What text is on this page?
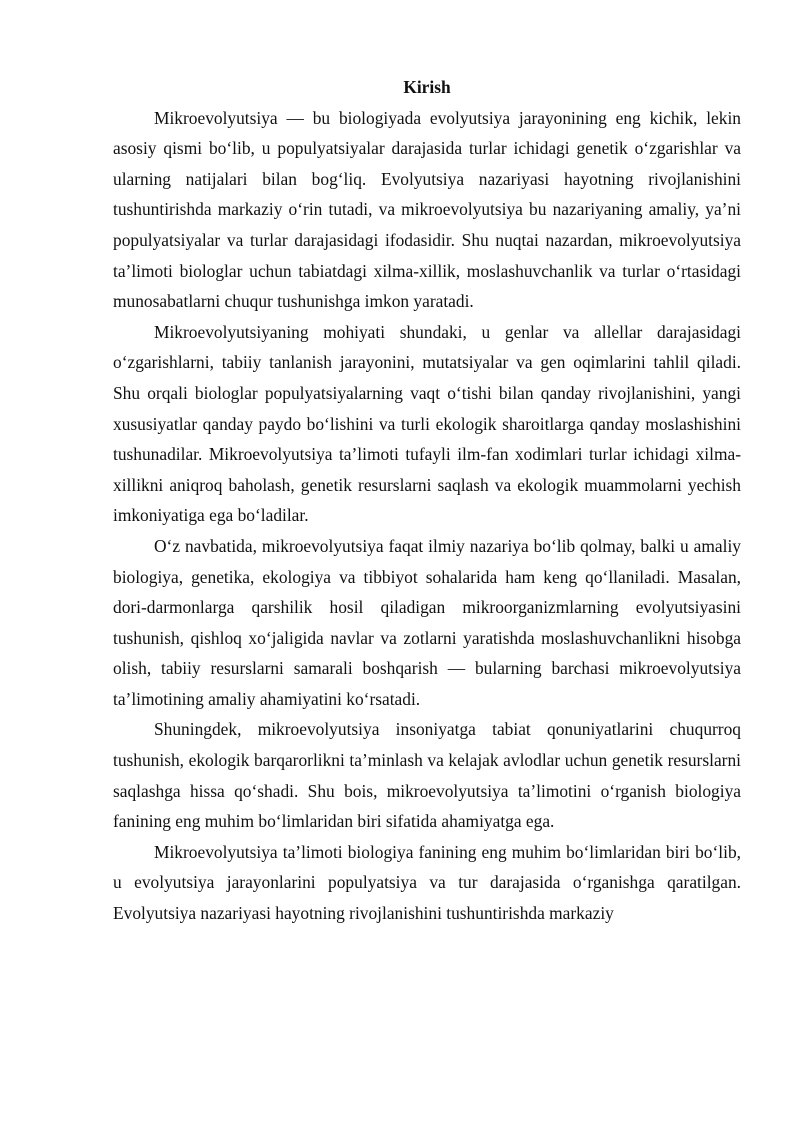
Kirish

Mikroevolyutsiya — bu biologiyada evolyutsiya jarayonining eng kichik, lekin asosiy qismi bo‘lib, u populyatsiyalar darajasida turlar ichidagi genetik o‘zgarishlar va ularning natijalari bilan bog‘liq. Evolyutsiya nazariyasi hayotning rivojlanishini tushuntirishda markaziy o‘rin tutadi, va mikroevolyutsiya bu nazariyaning amaliy, ya’ni populyatsiyalar va turlar darajasidagi ifodasidir. Shu nuqtai nazardan, mikroevolyutsiya ta’limoti biologlar uchun tabiatdagi xilma-xillik, moslashuvchanlik va turlar o‘rtasidagi munosabatlarni chuqur tushunishga imkon yaratadi.

Mikroevolyutsiyaning mohiyati shundaki, u genlar va allellar darajasidagi o‘zgarishlarni, tabiiy tanlanish jarayonini, mutatsiyalar va gen oqimlarini tahlil qiladi. Shu orqali biologlar populyatsiyalarning vaqt o‘tishi bilan qanday rivojlanishini, yangi xususiyatlar qanday paydo bo‘lishini va turli ekologik sharoitlarga qanday moslashishini tushunadilar. Mikroevolyutsiya ta’limoti tufayli ilm-fan xodimlari turlar ichidagi xilma-xillikni aniqroq baholash, genetik resurslarni saqlash va ekologik muammolarni yechish imkoniyatiga ega bo‘ladilar.

O‘z navbatida, mikroevolyutsiya faqat ilmiy nazariya bo‘lib qolmay, balki u amaliy biologiya, genetika, ekologiya va tibbiyot sohalarida ham keng qo‘llaniladi. Masalan, dori-darmonlarga qarshilik hosil qiladigan mikroorganizmlarning evolyutsiyasini tushunish, qishloq xo‘jaligida navlar va zotlarni yaratishda moslashuvchanlikni hisobga olish, tabiiy resurslarni samarali boshqarish — bularning barchasi mikroevolyutsiya ta’limotining amaliy ahamiyatini ko‘rsatadi.

Shuningdek, mikroevolyutsiya insoniyatga tabiat qonuniyatlarini chuqurroq tushunish, ekologik barqarorlikni ta’minlash va kelajak avlodlar uchun genetik resurslarni saqlashga hissa qo‘shadi. Shu bois, mikroevolyutsiya ta’limotini o‘rganish biologiya fanining eng muhim bo‘limlaridan biri sifatida ahamiyatga ega.

Mikroevolyutsiya ta’limoti biologiya fanining eng muhim bo‘limlaridan biri bo‘lib, u evolyutsiya jarayonlarini populyatsiya va tur darajasida o‘rganishga qaratilgan. Evolyutsiya nazariyasi hayotning rivojlanishini tushuntirishda markaziy
